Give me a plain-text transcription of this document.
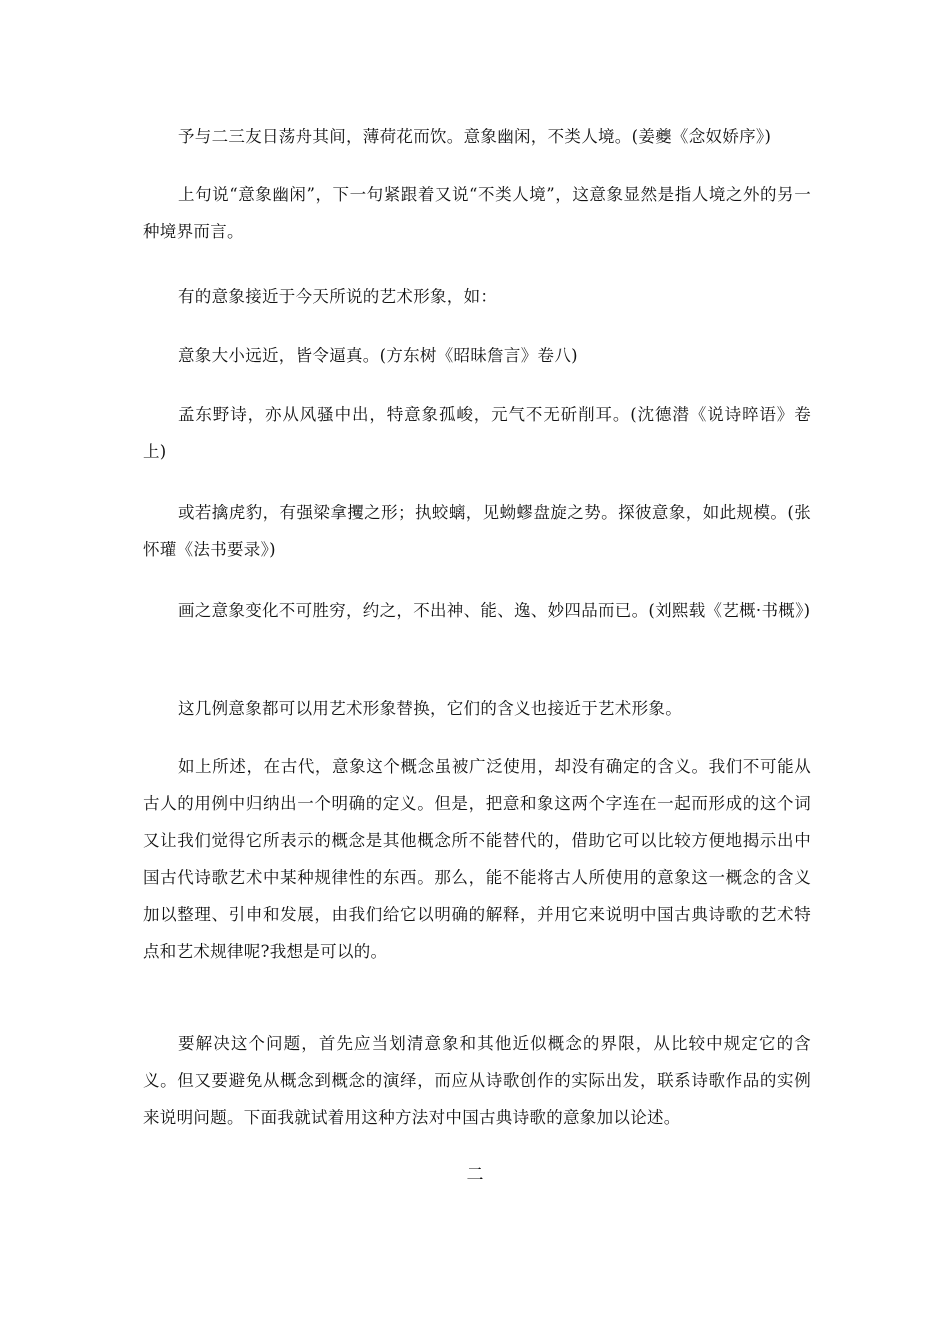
予与二三友日荡舟其间，薄荷花而饮。意象幽闲，不类人境。(姜夔《念奴娇序》)

上句说“意象幽闲”，下一句紧跟着又说“不类人境”，这意象显然是指人境之外的另一种境界而言。

有的意象接近于今天所说的艺术形象，如：

意象大小远近，皆令逼真。(方东树《昭昧詹言》卷八)

孟东野诗，亦从风骚中出，特意象孤峻，元气不无斫削耳。(沈德潜《说诗晬语》卷上)

或若擒虎豹，有强梁拿攫之形；执蛟螭，见蚴蟉盘旋之势。探彼意象，如此规模。(张怀瓘《法书要录》)

画之意象变化不可胜穷，约之，不出神、能、逸、妙四品而已。(刘熙载《艺概·书概》)

这几例意象都可以用艺术形象替换，它们的含义也接近于艺术形象。

如上所述，在古代，意象这个概念虽被广泛使用，却没有确定的含义。我们不可能从古人的用例中归纳出一个明确的定义。但是，把意和象这两个字连在一起而形成的这个词又让我们觉得它所表示的概念是其他概念所不能替代的，借助它可以比较方便地揭示出中国古代诗歌艺术中某种规律性的东西。那么，能不能将古人所使用的意象这一概念的含义加以整理、引申和发展，由我们给它以明确的解释，并用它来说明中国古典诗歌的艺术特点和艺术规律呢?我想是可以的。

要解决这个问题，首先应当划清意象和其他近似概念的界限，从比较中规定它的含义。但又要避免从概念到概念的演绎，而应从诗歌创作的实际出发，联系诗歌作品的实例来说明问题。下面我就试着用这种方法对中国古典诗歌的意象加以论述。

二
